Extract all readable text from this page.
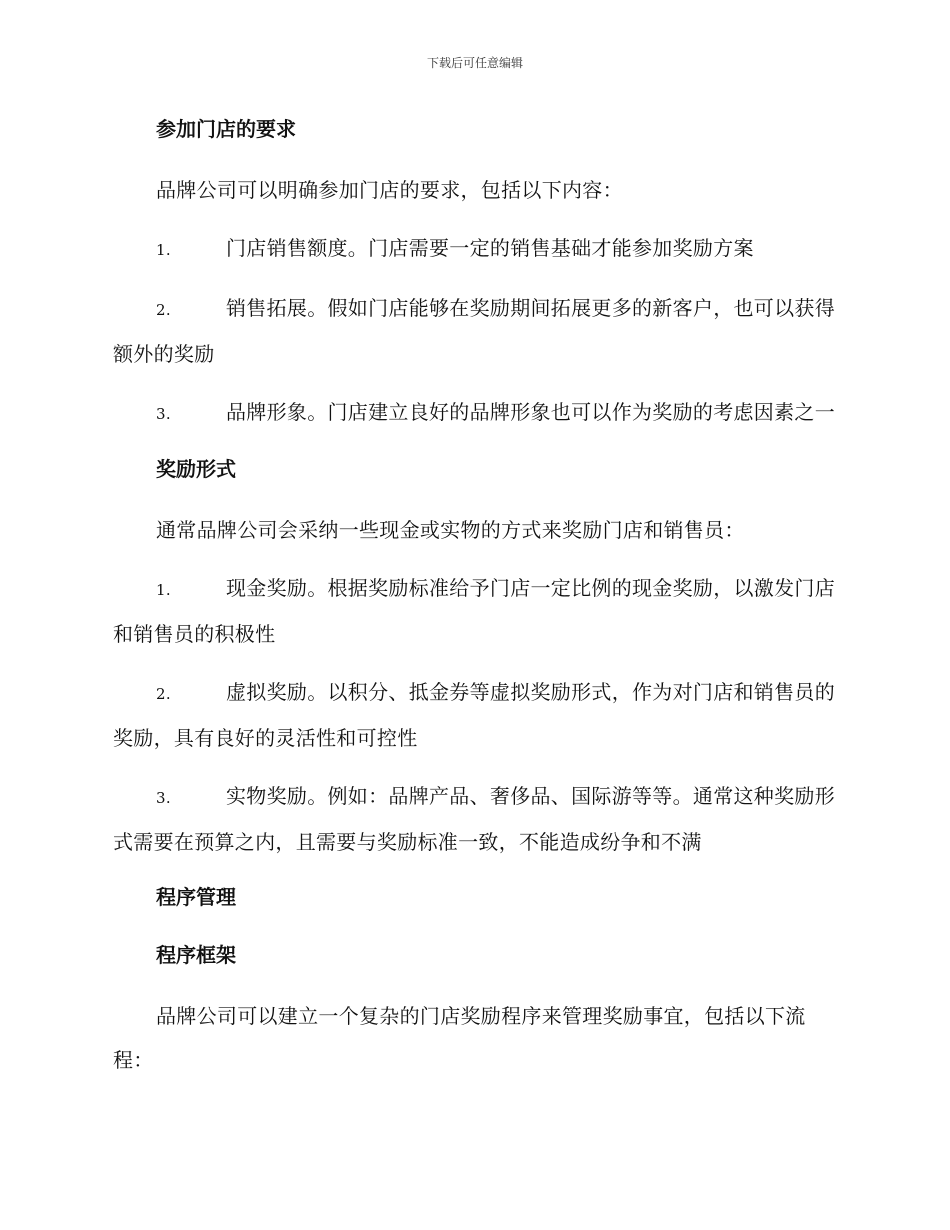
下载后可任意编辑
参加门店的要求
品牌公司可以明确参加门店的要求，包括以下内容：
1.	门店销售额度。门店需要一定的销售基础才能参加奖励方案
2.	销售拓展。假如门店能够在奖励期间拓展更多的新客户，也可以获得额外的奖励
3.	品牌形象。门店建立良好的品牌形象也可以作为奖励的考虑因素之一
奖励形式
通常品牌公司会采纳一些现金或实物的方式来奖励门店和销售员：
1.	现金奖励。根据奖励标准给予门店一定比例的现金奖励，以激发门店和销售员的积极性
2.	虚拟奖励。以积分、抵金券等虚拟奖励形式，作为对门店和销售员的奖励，具有良好的灵活性和可控性
3.	实物奖励。例如：品牌产品、奢侈品、国际游等等。通常这种奖励形式需要在预算之内，且需要与奖励标准一致，不能造成纷争和不满
程序管理
程序框架
品牌公司可以建立一个复杂的门店奖励程序来管理奖励事宜，包括以下流程：
